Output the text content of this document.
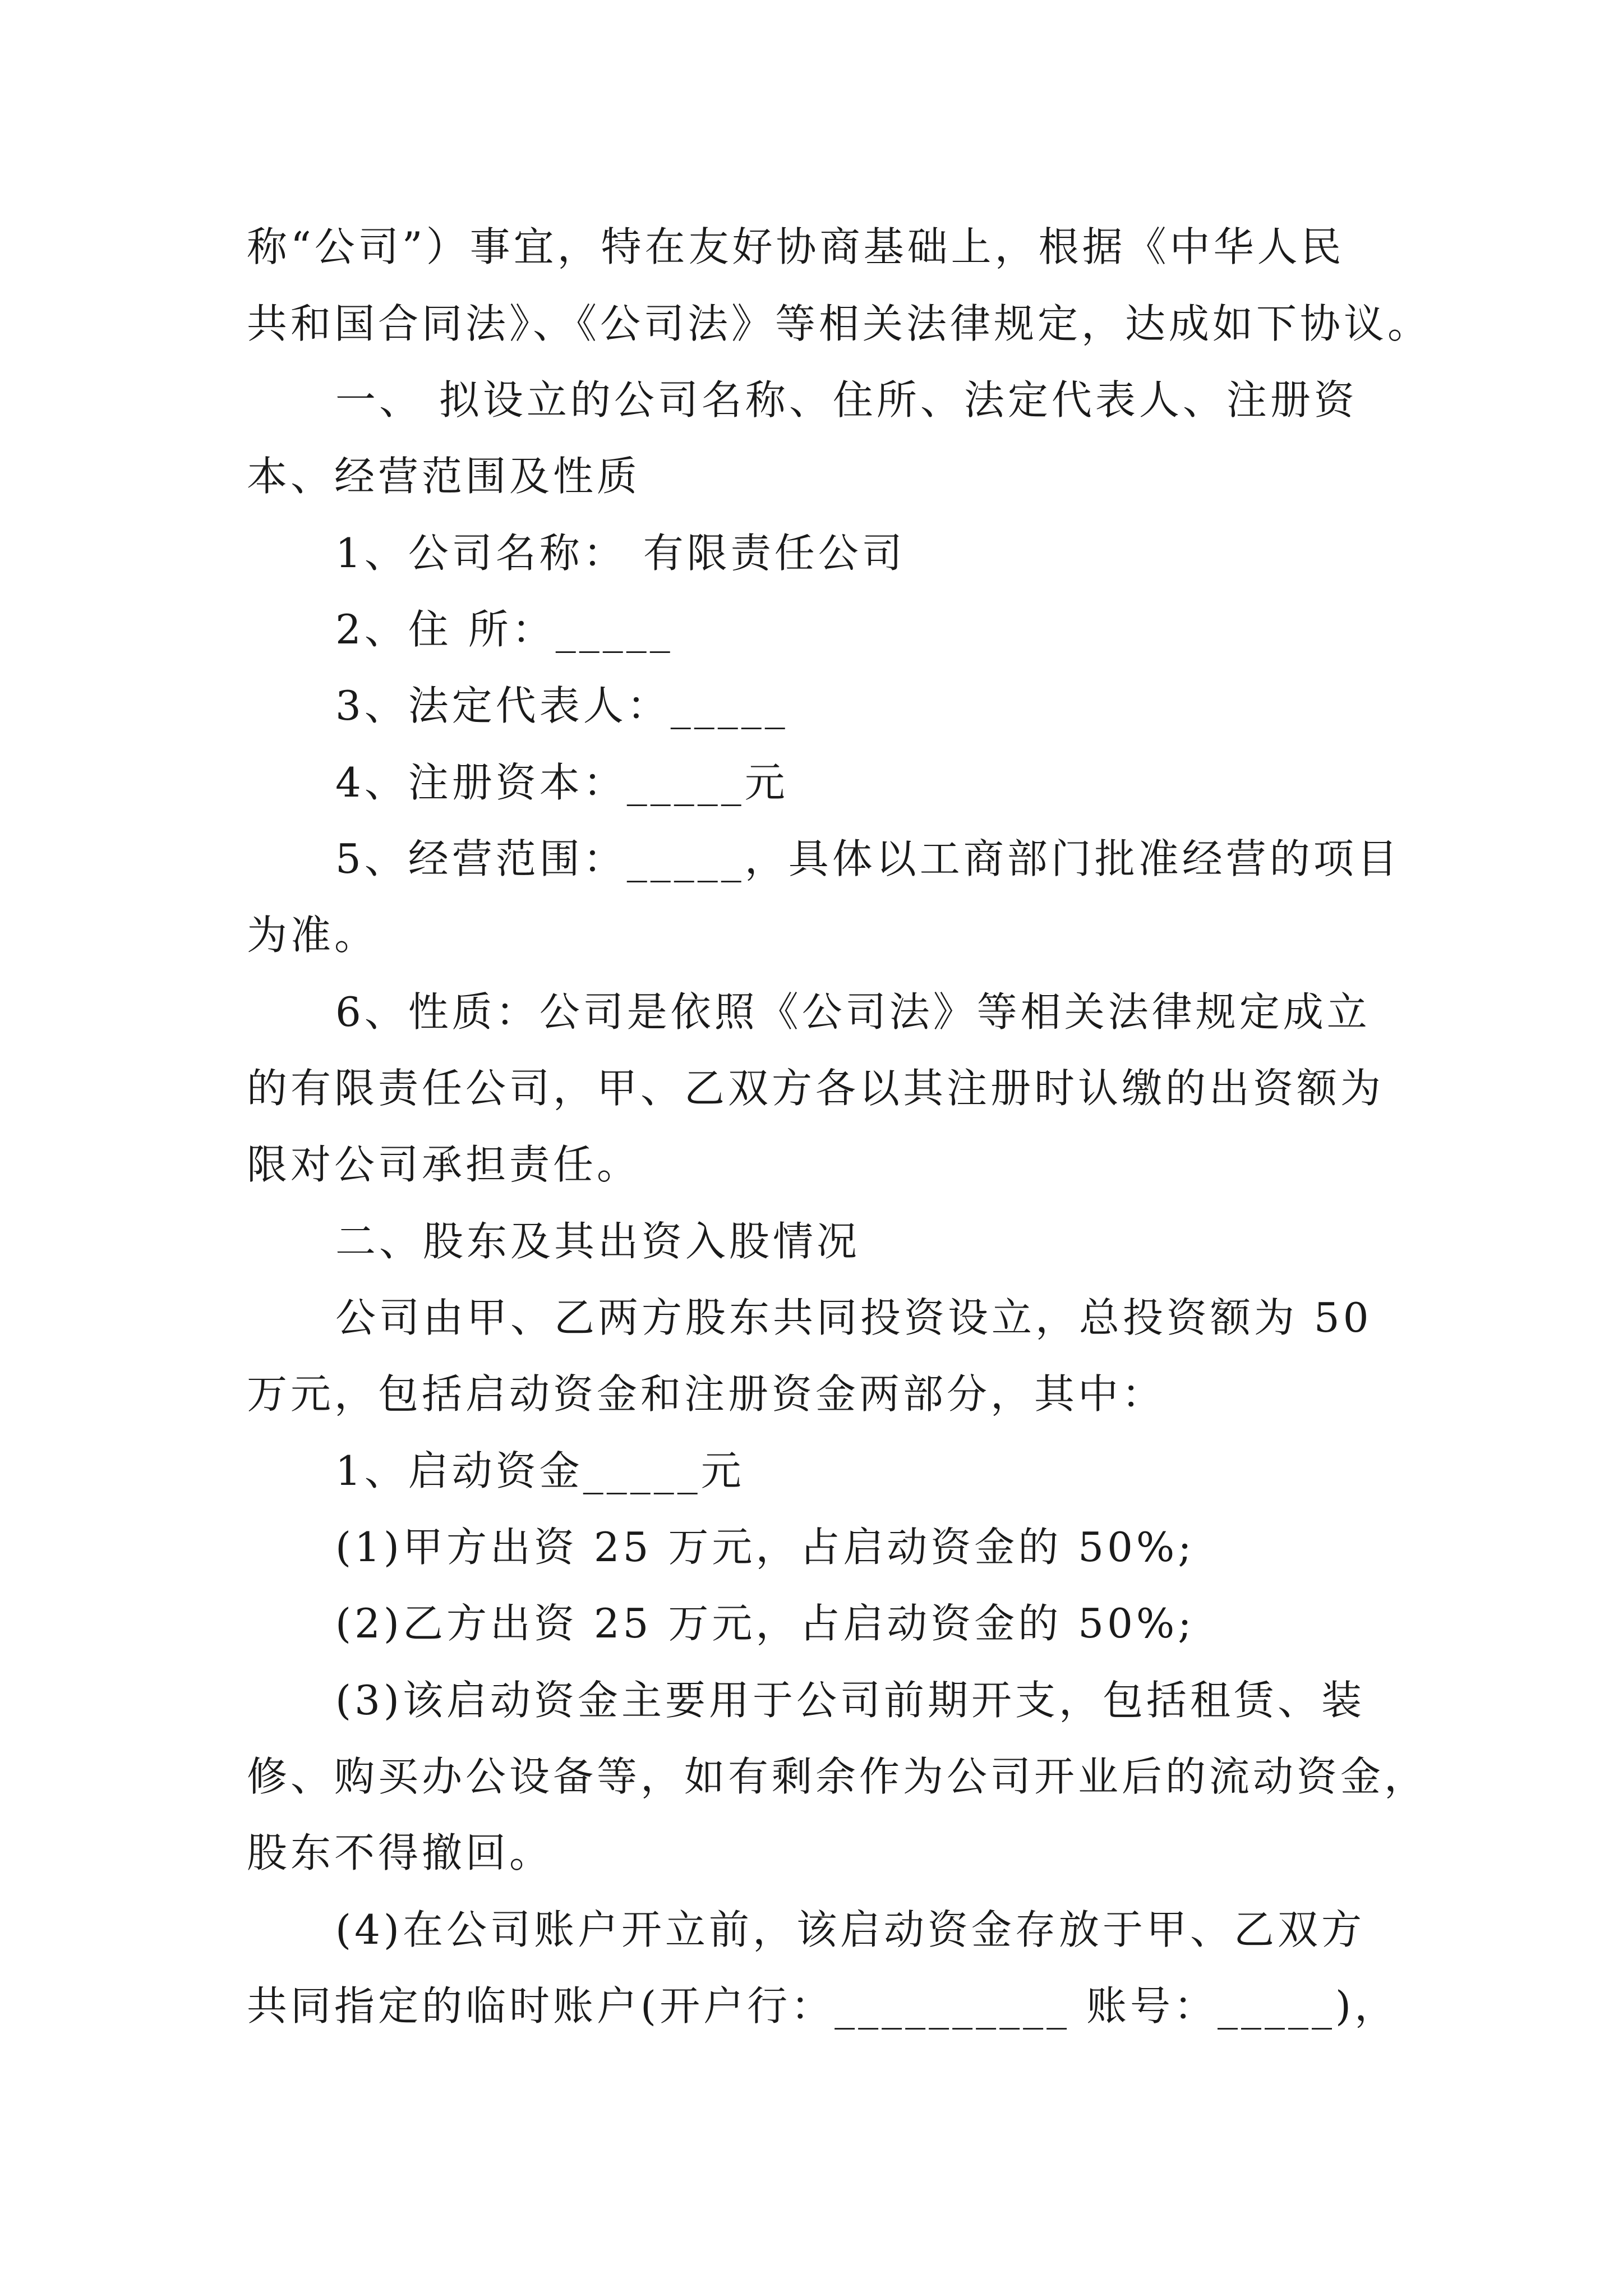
称“公司”）事宜，特在友好协商基础上，根据《中华人民
共和国合同法》、《公司法》等相关法律规定，达成如下协议。
一、 拟设立的公司名称、住所、法定代表人、注册资
本、经营范围及性质
1、公司名称： 有限责任公司
2、住 所：_____
3、法定代表人：_____
4、注册资本：_____元
5、经营范围：_____，具体以工商部门批准经营的项目
为准。
6、性质：公司是依照《公司法》等相关法律规定成立
的有限责任公司，甲、乙双方各以其注册时认缴的出资额为
限对公司承担责任。
二、股东及其出资入股情况
公司由甲、乙两方股东共同投资设立，总投资额为 50
万元，包括启动资金和注册资金两部分，其中：
1、启动资金_____元
(1)甲方出资 25 万元，占启动资金的 50%;
(2)乙方出资 25 万元，占启动资金的 50%;
(3)该启动资金主要用于公司前期开支，包括租赁、装
修、购买办公设备等，如有剩余作为公司开业后的流动资金，
股东不得撤回。
(4)在公司账户开立前，该启动资金存放于甲、乙双方
共同指定的临时账户(开户行：__________ 账号：_____)，
